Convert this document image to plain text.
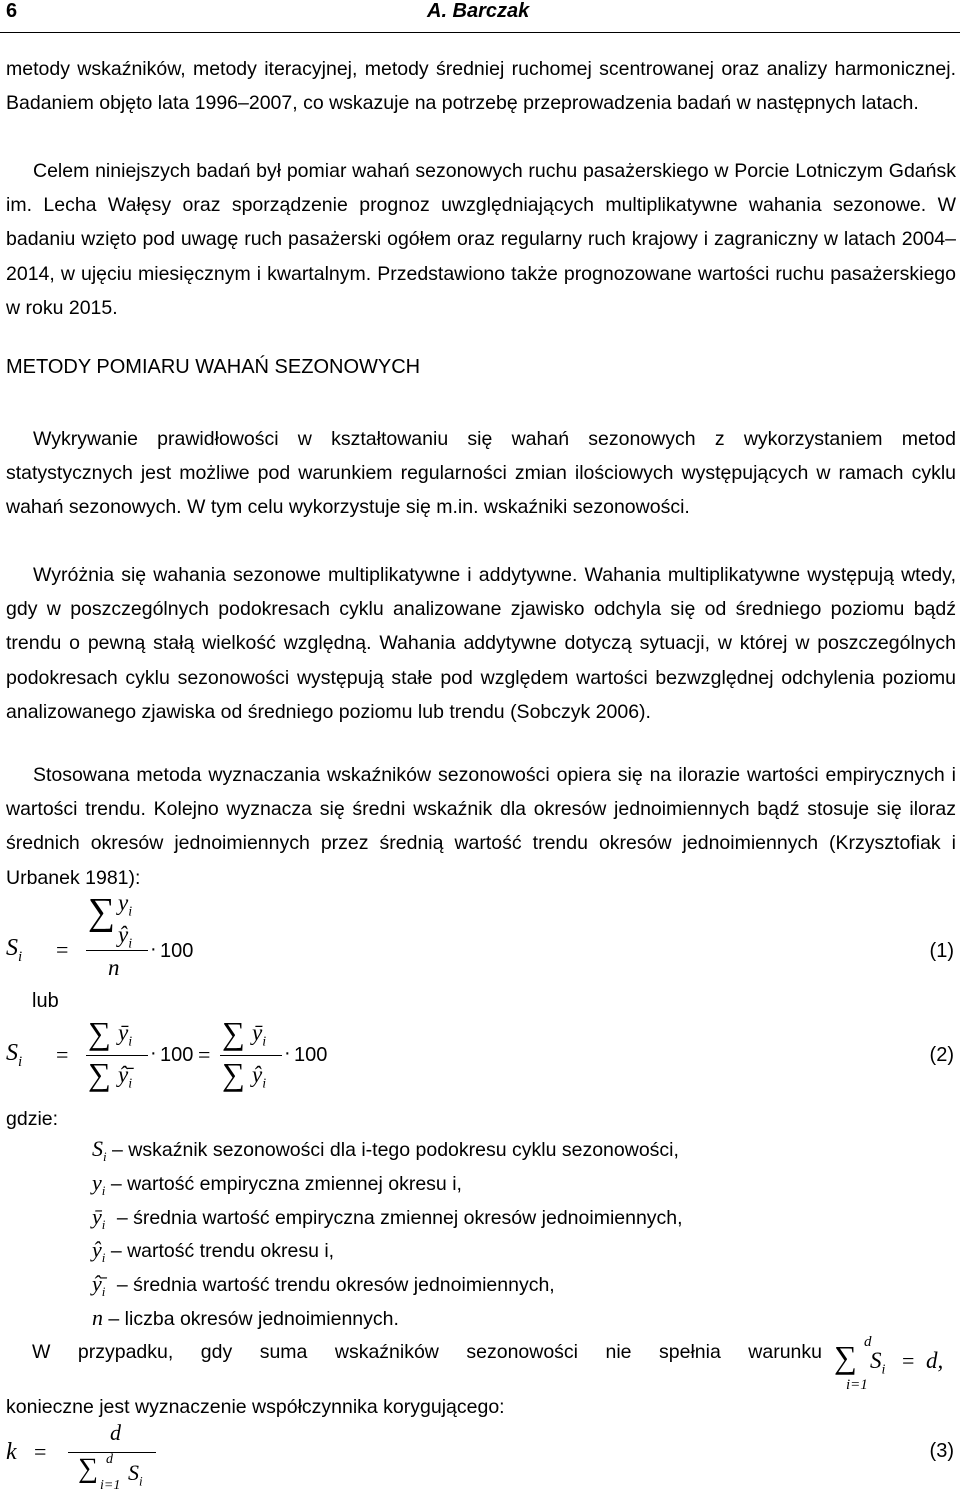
6	A. Barczak

metody wskaźników, metody iteracyjnej, metody średniej ruchomej scentrowanej oraz analizy harmonicznej. Badaniem objęto lata 1996–2007, co wskazuje na potrzebę przeprowadzenia badań w następnych latach.

Celem niniejszych badań był pomiar wahań sezonowych ruchu pasażerskiego w Porcie Lotniczym Gdańsk im. Lecha Wałęsy oraz sporządzenie prognoz uwzględniających multiplikatywne wahania sezonowe. W badaniu wzięto pod uwagę ruch pasażerski ogółem oraz regularny ruch krajowy i zagraniczny w latach 2004–2014, w ujęciu miesięcznym i kwartalnym. Przedstawiono także prognozowane wartości ruchu pasażerskiego w roku 2015.

METODY POMIARU WAHAŃ SEZONOWYCH

Wykrywanie prawidłowości w kształtowaniu się wahań sezonowych z wykorzystaniem metod statystycznych jest możliwe pod warunkiem regularności zmian ilościowych występujących w ramach cyklu wahań sezonowych. W tym celu wykorzystuje się m.in. wskaźniki sezonowości.

Wyróżnia się wahania sezonowe multiplikatywne i addytywne. Wahania multiplikatywne występują wtedy, gdy w poszczególnych podokresach cyklu analizowane zjawisko odchyla się od średniego poziomu bądź trendu o pewną stałą wielkość względną. Wahania addytywne dotyczą sytuacji, w której w poszczególnych podokresach cyklu sezonowości występują stałe pod względem wartości bezwzględnej odchylenia poziomu analizowanego zjawiska od średniego poziomu lub trendu (Sobczyk 2006).

Stosowana metoda wyznaczania wskaźników sezonowości opiera się na ilorazie wartości empirycznych i wartości trendu. Kolejno wyznacza się średni wskaźnik dla okresów jednoimiennych bądź stosuje się iloraz średnich okresów jednoimiennych przez średnią wartość trendu okresów jednoimiennych (Krzysztofiak i Urbanek 1981):

$S_i$ =
∑ $y_i$
$ŷ_i$
n
· 100	(1)
lub
$S_i$ =
∑ $ȳ_i$
∑ $ŷ̄_i$
· 100 =
∑ $ȳ_i$
∑ $ŷ_i$
· 100	(2)
gdzie:
$S_i$ – wskaźnik sezonowości dla i-tego podokresu cyklu sezonowości,
$y_i$ – wartość empiryczna zmiennej okresu i,
$ȳ_i$ – średnia wartość empiryczna zmiennej okresów jednoimiennych,
$ŷ_i$ – wartość trendu okresu i,
$ŷ̄_i$ – średnia wartość trendu okresów jednoimiennych,
n – liczba okresów jednoimiennych.

W przypadku, gdy suma wskaźników sezonowości nie spełnia warunku	d
∑
i=1
$S_i = d$,

konieczne jest wyznaczenie współczynnika korygującego:

k =
d
d
∑
i=1
$S_i$
(3)
